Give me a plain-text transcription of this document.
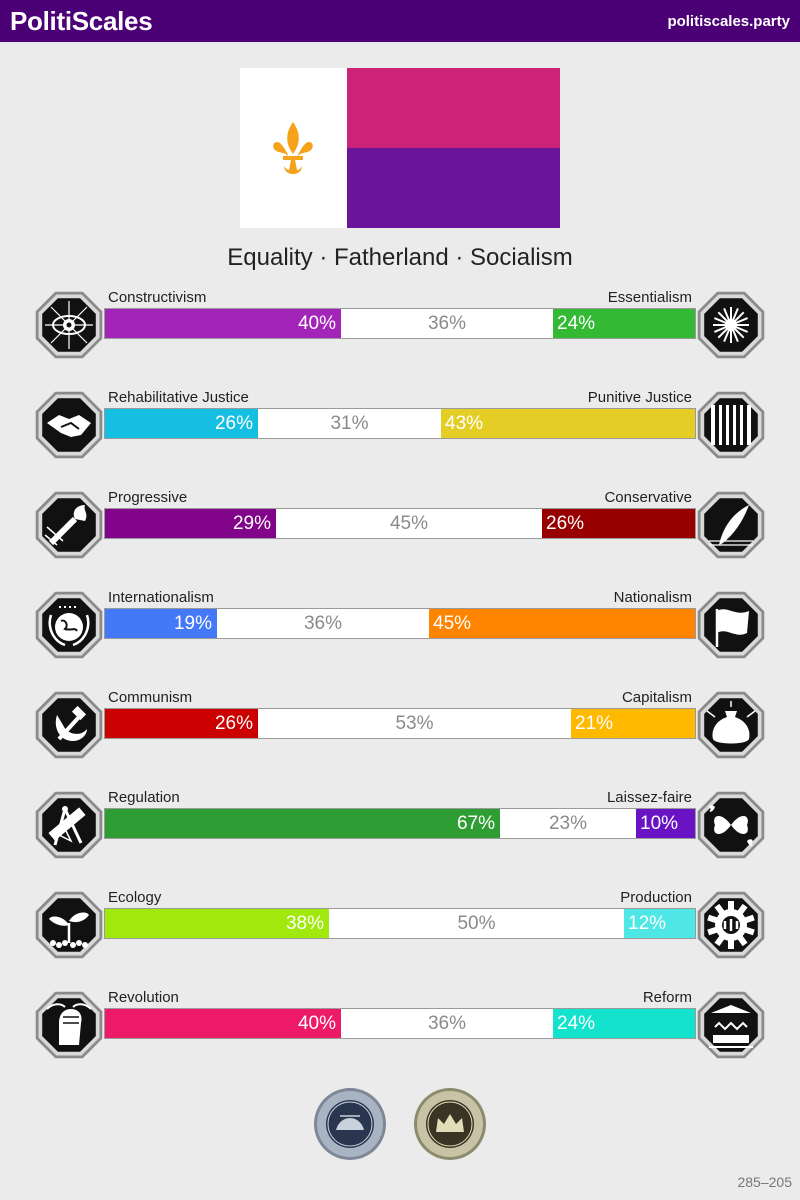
PolitiScales	politiscales.party
Equality · Fatherland · Socialism
Constructivism	Essentialism
40%	36%	24%
Rehabilitative Justice	Punitive Justice
26%	31%	43%
Progressive	Conservative
29%	45%	26%
Internationalism	Nationalism
19%	36%	45%
Communism	Capitalism
26%	53%	21%
Regulation	Laissez-faire
67%	23%	10%
Ecology	Production
38%	50%	12%
Revolution	Reform
40%	36%	24%
285–205
